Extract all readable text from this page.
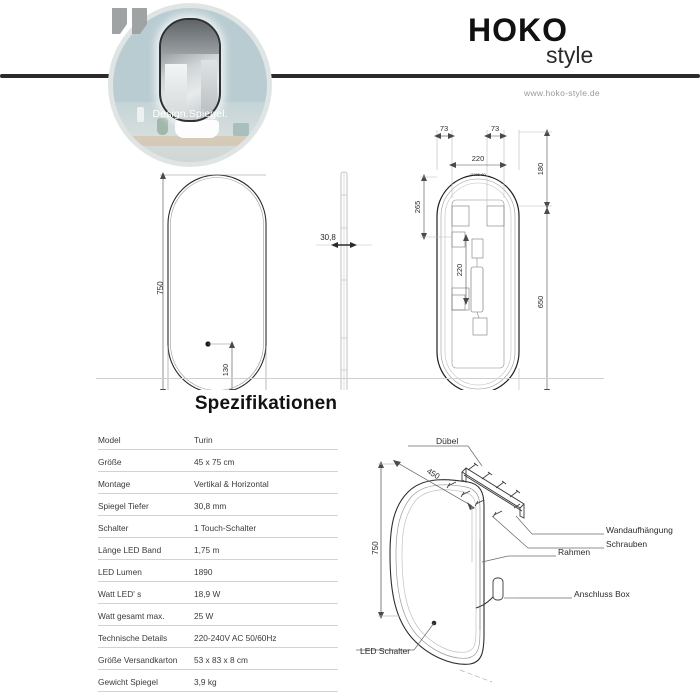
Design.Spiegel.
HOKO
style
www.hoko-style.de
750
130
30,8
73	73
220
GJ86-80
265
180
650
220
Spezifikationen
Model	Turin
Größe	45 x 75 cm
Montage	Vertikal & Horizontal
Spiegel Tiefer	30,8 mm
Schalter	1 Touch-Schalter
Länge LED Band	1,75 m
LED Lumen	1890
Watt LED' s	18,9 W
Watt gesamt max.	25 W
Technische Details	220-240V AC 50/60Hz
Größe Versandkarton	53 x 83 x 8 cm
Gewicht Spiegel	3,9 kg
Dübel
Wandaufhängung
Schrauben
Rahmen
Anschluss Box
LED Schalter
750
450
